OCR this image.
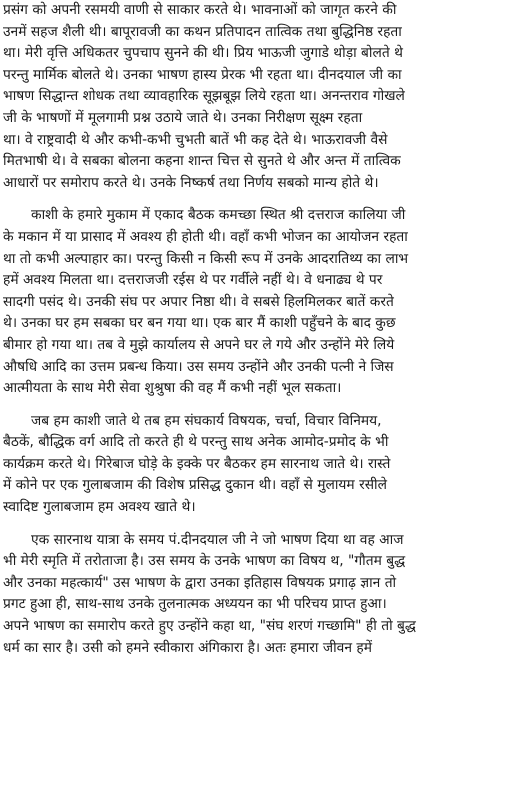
प्रसंग को अपनी रसमयी वाणी से साकार करते थे। भावनाओं को जागृत करने की
उनमें सहज शैली थी। बापूरावजी का कथन प्रतिपादन तात्विक तथा बुद्धिनिष्ठ रहता
था। मेरी वृत्ति अधिकतर चुपचाप सुनने की थी। प्रिय भाऊजी जुगाडे थोड़ा बोलते थे
परन्तु मार्मिक बोलते थे। उनका भाषण हास्य प्रेरक भी रहता था। दीनदयाल जी का
भाषण सिद्धान्त शोधक तथा व्यावहारिक सूझबूझ लिये रहता था। अनन्तराव गोखले
जी के भाषणों में मूलगामी प्रश्न उठाये जाते थे। उनका निरीक्षण सूक्ष्म रहता
था। वे राष्ट्रवादी थे और कभी-कभी चुभती बातें भी कह देते थे। भाऊरावजी वैसे
मितभाषी थे। वे सबका बोलना कहना शान्त चित्त से सुनते थे और अन्त में तात्विक
आधारों पर समोराप करते थे। उनके निष्कर्ष तथा निर्णय सबको मान्य होते थे।
काशी के हमारे मुकाम में एकाद बैठक कमच्छा स्थित श्री दत्तराज कालिया जी
के मकान में या प्रासाद में अवश्य ही होती थी। वहाँ कभी भोजन का आयोजन रहता
था तो कभी अल्पाहार का। परन्तु किसी न किसी रूप में उनके आदरातिथ्य का लाभ
हमें अवश्य मिलता था। दत्तराजजी रईस थे पर गर्वीले नहीं थे। वे धनाढ्य थे पर
सादगी पसंद थे। उनकी संघ पर अपार निष्ठा थी। वे सबसे हिलमिलकर बातें करते
थे। उनका घर हम सबका घर बन गया था। एक बार मैं काशी पहुँचने के बाद कुछ
बीमार हो गया था। तब वे मुझे कार्यालय से अपने घर ले गये और उन्होंने मेरे लिये
औषधि आदि का उत्तम प्रबन्ध किया। उस समय उन्होंने और उनकी पत्नी ने जिस
आत्मीयता के साथ मेरी सेवा शुश्रुषा की वह मैं कभी नहीं भूल सकता।
जब हम काशी जाते थे तब हम संघकार्य विषयक, चर्चा, विचार विनिमय,
बैठकें, बौद्धिक वर्ग आदि तो करते ही थे परन्तु साथ अनेक आमोद-प्रमोद के भी
कार्यक्रम करते थे। गिरेबाज घोड़े के इक्के पर बैठकर हम सारनाथ जाते थे। रास्ते
में कोने पर एक गुलाबजाम की विशेष प्रसिद्ध दुकान थी। वहाँ से मुलायम रसीले
स्वादिष्ट गुलाबजाम हम अवश्य खाते थे।
एक सारनाथ यात्रा के समय पं.दीनदयाल जी ने जो भाषण दिया था वह आज
भी मेरी स्मृति में तरोताजा है। उस समय के उनके भाषण का विषय थ, "गौतम बुद्ध
और उनका महत्कार्य" उस भाषण के द्वारा उनका इतिहास विषयक प्रगाढ़ ज्ञान तो
प्रगट हुआ ही, साथ-साथ उनके तुलनात्मक अध्ययन का भी परिचय प्राप्त हुआ।
अपने भाषण का समारोप करते हुए उन्होंने कहा था, "संघ शरणं गच्छामि" ही तो बुद्ध
धर्म का सार है। उसी को हमने स्वीकारा अंगिकारा है। अतः हमारा जीवन हमें
